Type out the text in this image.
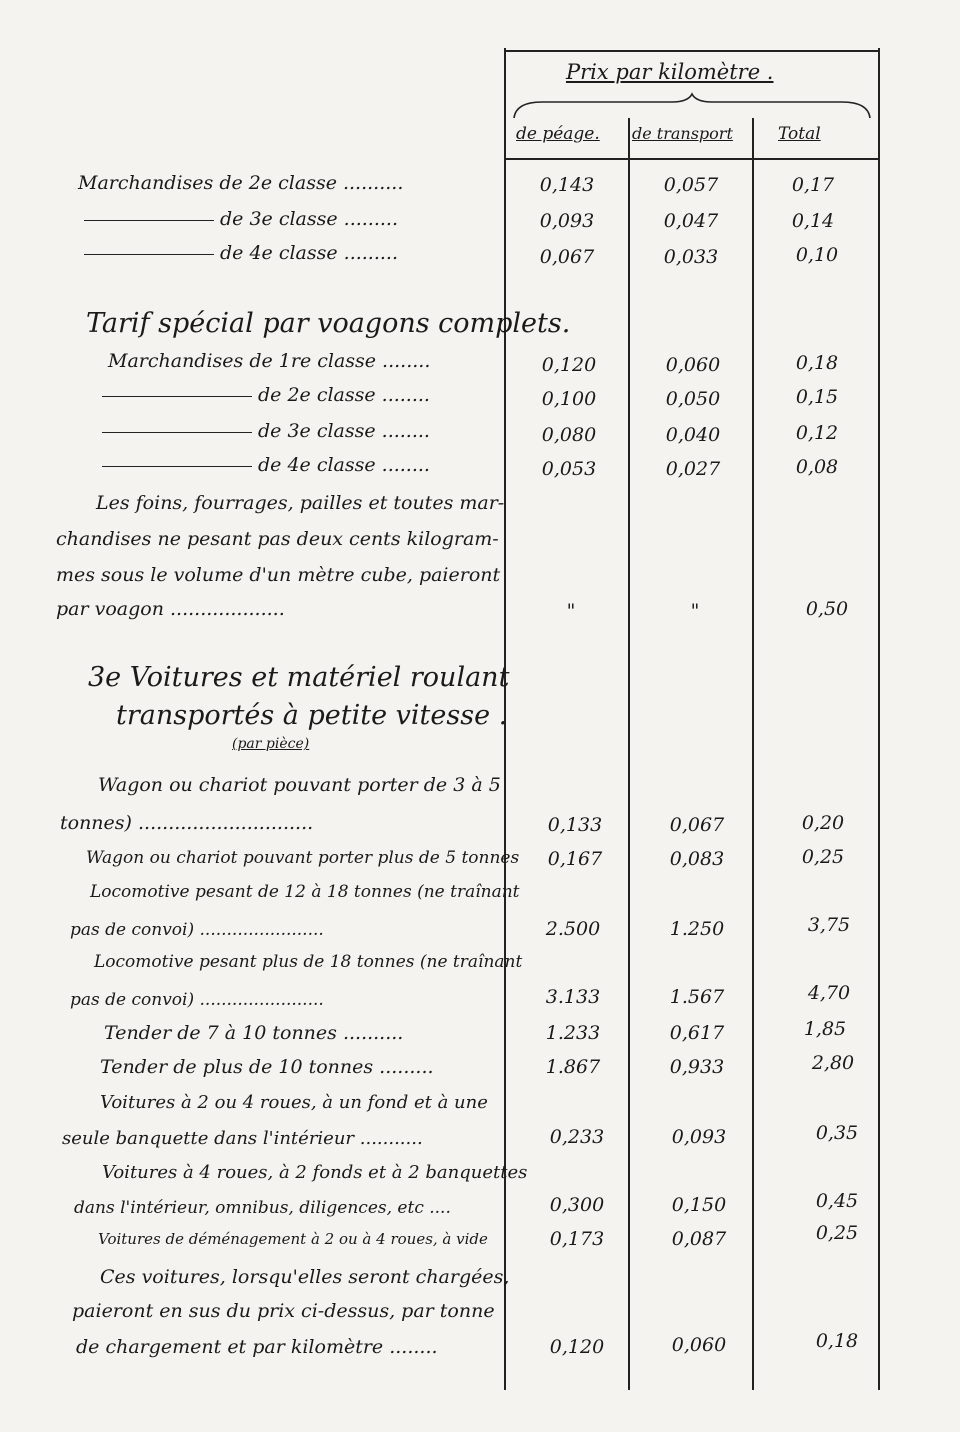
Prix par kilomètre .
de péage. de transport	Total
Marchandises de 2e classe ..........
de 3e classe .........
de 4e classe .........
Tarif spécial par voagons complets.
Marchandises de 1re classe ........
de 2e classe ........
de 3e classe ........
de 4e classe ........
Les foins, fourrages, pailles et toutes mar-
chandises ne pesant pas deux cents kilogram-
mes sous le volume d'un mètre cube, paieront
par voagon ...................
3e Voitures et matériel roulant
transportés à petite vitesse .
(par pièce)
Wagon ou chariot pouvant porter de 3 à 5
tonnes) .............................
Wagon ou chariot pouvant porter plus de 5 tonnes
Locomotive pesant de 12 à 18 tonnes (ne traînant
pas de convoi) .......................
Locomotive pesant plus de 18 tonnes (ne traînant
pas de convoi) .......................
Tender de 7 à 10 tonnes ..........
Tender de plus de 10 tonnes .........
Voitures à 2 ou 4 roues, à un fond et à une
seule banquette dans l'intérieur ...........
Voitures à 4 roues, à 2 fonds et à 2 banquettes
dans l'intérieur, omnibus, diligences, etc ....
Voitures de déménagement à 2 ou à 4 roues, à vide
Ces voitures, lorsqu'elles seront chargées,
paieront en sus du prix ci-dessus, par tonne
de chargement et par kilomètre ........
0,143
0,093
0,067
0,120
0,100
0,080
0,053
"
0,133
0,167
2.500
3.133
1.233
1.867
0,233
0,300
0,173
0,120
0,057
0,047
0,033
0,060
0,050
0,040
0,027
"
0,067
0,083
1.250
1.567
0,617
0,933
0,093
0,150
0,087
0,060
0,17
0,14
0,10
0,18
0,15
0,12
0,08
0,50
0,20
0,25
3,75
4,70
1,85
2,80
0,35
0,45
0,25
0,18
